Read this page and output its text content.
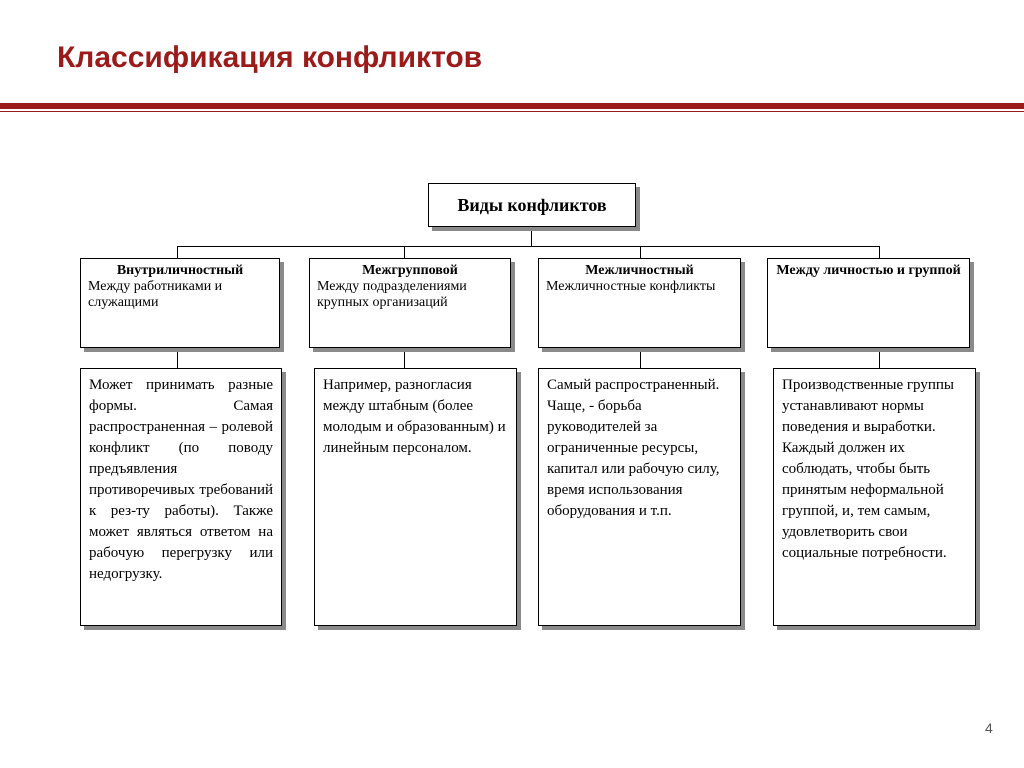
Классификация конфликтов
Виды конфликтов
Внутриличностный
Между работниками и служащими
Межгрупповой
Между подразделениями крупных организаций
Межличностный
Межличностные конфликты
Между личностью и группой
Может принимать разные формы. Самая распространенная – ролевой конфликт (по поводу предъявления противоречивых требований к рез-ту работы). Также может являться ответом на рабочую перегрузку или недогрузку.
Например, разногласия между штабным (более молодым и образованным) и линейным персоналом.
Самый распространенный. Чаще, - борьба руководителей за ограниченные ресурсы, капитал или рабочую силу, время использования оборудования и т.п.
Производственные группы устанавливают нормы поведения и выработки. Каждый должен их соблюдать, чтобы быть принятым неформальной группой, и, тем самым, удовлетворить свои социальные потребности.
4
